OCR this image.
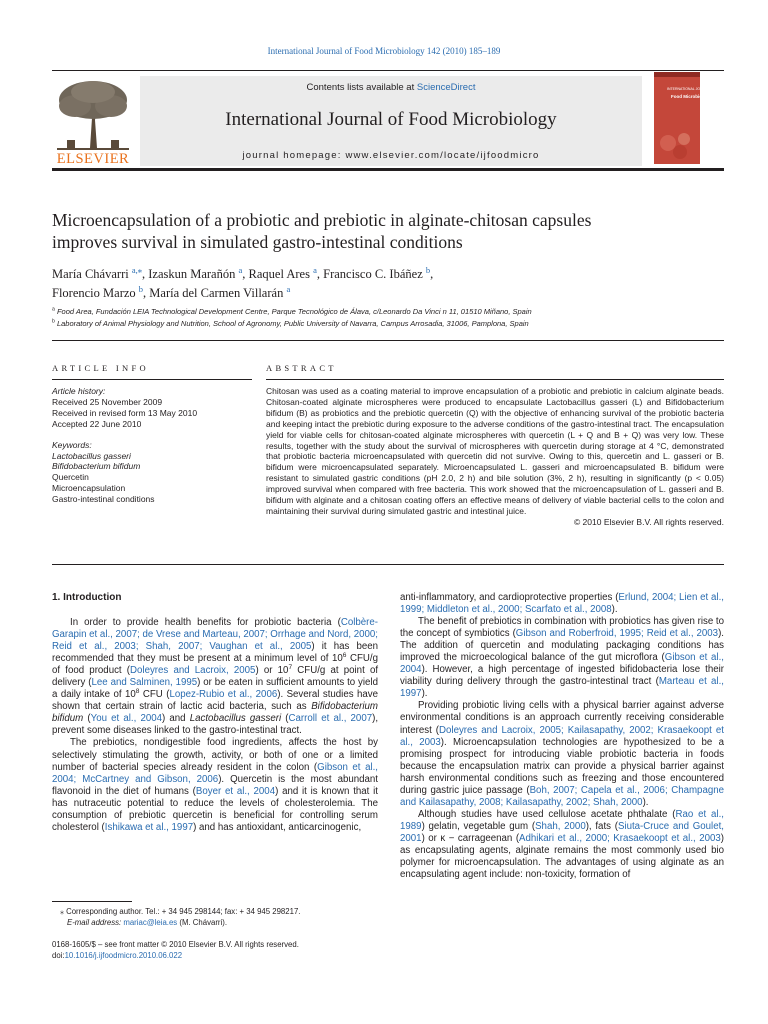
International Journal of Food Microbiology 142 (2010) 185–189
ELSEVIER
Contents lists available at ScienceDirect
International Journal of Food Microbiology
journal homepage: www.elsevier.com/locate/ijfoodmicro
INTERNATIONAL JOURNAL OF
Food Microbiology
Microencapsulation of a probiotic and prebiotic in alginate-chitosan capsules
improves survival in simulated gastro-intestinal conditions
María Chávarri $^{a,⁎}$, Izaskun Marañón $^a$, Raquel Ares $^a$, Francisco C. Ibáñez $^b$,
Florencio Marzo $^b$, María del Carmen Villarán $^a$
$^a$ Food Area, Fundación LEIA Technological Development Centre, Parque Tecnológico de Álava, c/Leonardo Da Vinci n 11, 01510 Miñano, Spain
$^b$ Laboratory of Animal Physiology and Nutrition, School of Agronomy, Public University of Navarra, Campus Arrosadia, 31006, Pamplona, Spain
ARTICLE INFO	ABSTRACT
Article history:
Received 25 November 2009
Received in revised form 13 May 2010
Accepted 22 June 2010
Keywords:
Lactobacillus gasseri
Bifidobacterium bifidum
Quercetin
Microencapsulation
Gastro-intestinal conditions
Chitosan was used as a coating material to improve encapsulation of a probiotic and prebiotic in calcium alginate beads. Chitosan-coated alginate microspheres were produced to encapsulate Lactobacillus gasseri (L) and Bifidobacterium bifidum (B) as probiotics and the prebiotic quercetin (Q) with the objective of enhancing survival of the probiotic bacteria and keeping intact the prebiotic during exposure to the adverse conditions of the gastro-intestinal tract. The encapsulation yield for viable cells for chitosan-coated alginate microspheres with quercetin (L + Q and B + Q) was very low. These results, together with the study about the survival of microspheres with quercetin during storage at 4 °C, demonstrated that probiotic bacteria microencapsulated with quercetin did not survive. Owing to this, quercetin and L. gasseri or B. bifidum were microencapsulated separately. Microencapsulated L. gasseri and microencapsulated B. bifidum were resistant to simulated gastric conditions (pH 2.0, 2 h) and bile solution (3%, 2 h), resulting in significantly (p < 0.05) improved survival when compared with free bacteria. This work showed that the microencapsulation of L. gasseri and B. bifidum with alginate and a chitosan coating offers an effective means of delivery of viable bacterial cells to the colon and maintaining their survival during simulated gastric and intestinal juice.
© 2010 Elsevier B.V. All rights reserved.
1. Introduction

In order to provide health benefits for probiotic bacteria (Colbère-Garapin et al., 2007; de Vrese and Marteau, 2007; Orrhage and Nord, 2000; Reid et al., 2003; Shah, 2007; Vaughan et al., 2005) it has been recommended that they must be present at a minimum level of $10^6$ CFU/g of food product (Doleyres and Lacroix, 2005) or $10^7$ CFU/g at point of delivery (Lee and Salminen, 1995) or be eaten in sufficient amounts to yield a daily intake of $10^8$ CFU (Lopez-Rubio et al., 2006). Several studies have shown that certain strain of lactic acid bacteria, such as Bifidobacterium bifidum (You et al., 2004) and Lactobacillus gasseri (Carroll et al., 2007), prevent some diseases linked to the gastro-intestinal tract.

The prebiotics, nondigestible food ingredients, affects the host by selectively stimulating the growth, activity, or both of one or a limited number of bacterial species already resident in the colon (Gibson et al., 2004; McCartney and Gibson, 2006). Quercetin is the most abundant flavonoid in the diet of humans (Boyer et al., 2004) and it is known that it has nutraceutic potential to reduce the levels of cholesterolemia. The consumption of prebiotic quercetin is beneficial for controlling serum cholesterol (Ishikawa et al., 1997) and has antioxidant, anticarcinogenic,

anti-inflammatory, and cardioprotective properties (Erlund, 2004; Lien et al., 1999; Middleton et al., 2000; Scarfato et al., 2008).

The benefit of prebiotics in combination with probiotics has given rise to the concept of symbiotics (Gibson and Roberfroid, 1995; Reid et al., 2003). The addition of quercetin and modulating packaging conditions has improved the microecological balance of the gut microflora (Gibson et al., 2004). However, a high percentage of ingested bifidobacteria lose their viability during delivery through the gastro-intestinal tract (Marteau et al., 1997).

Providing probiotic living cells with a physical barrier against adverse environmental conditions is an approach currently receiving considerable interest (Doleyres and Lacroix, 2005; Kailasapathy, 2002; Krasaekoopt et al., 2003). Microencapsulation technologies are hypothesized to be a promising prospect for introducing viable probiotic bacteria in foods because the encapsulation matrix can provide a physical barrier against harsh environmental conditions such as freezing and those encountered during gastric juice passage (Boh, 2007; Capela et al., 2006; Champagne and Kailasapathy, 2008; Kailasapathy, 2002; Shah, 2000).

Although studies have used cellulose acetate phthalate (Rao et al., 1989) gelatin, vegetable gum (Shah, 2000), fats (Siuta-Cruce and Goulet, 2001) or κ − carrageenan (Adhikari et al., 2000; Krasaekoopt et al., 2003) as encapsulating agents, alginate remains the most commonly used bio polymer for microencapsulation. The advantages of using alginate as an encapsulating agent include: non-toxicity, formation of

⁎ Corresponding author. Tel.: + 34 945 298144; fax: + 34 945 298217.
E-mail address: mariac@leia.es (M. Chávarri).
0168-1605/$ – see front matter © 2010 Elsevier B.V. All rights reserved.
doi:10.1016/j.ijfoodmicro.2010.06.022
